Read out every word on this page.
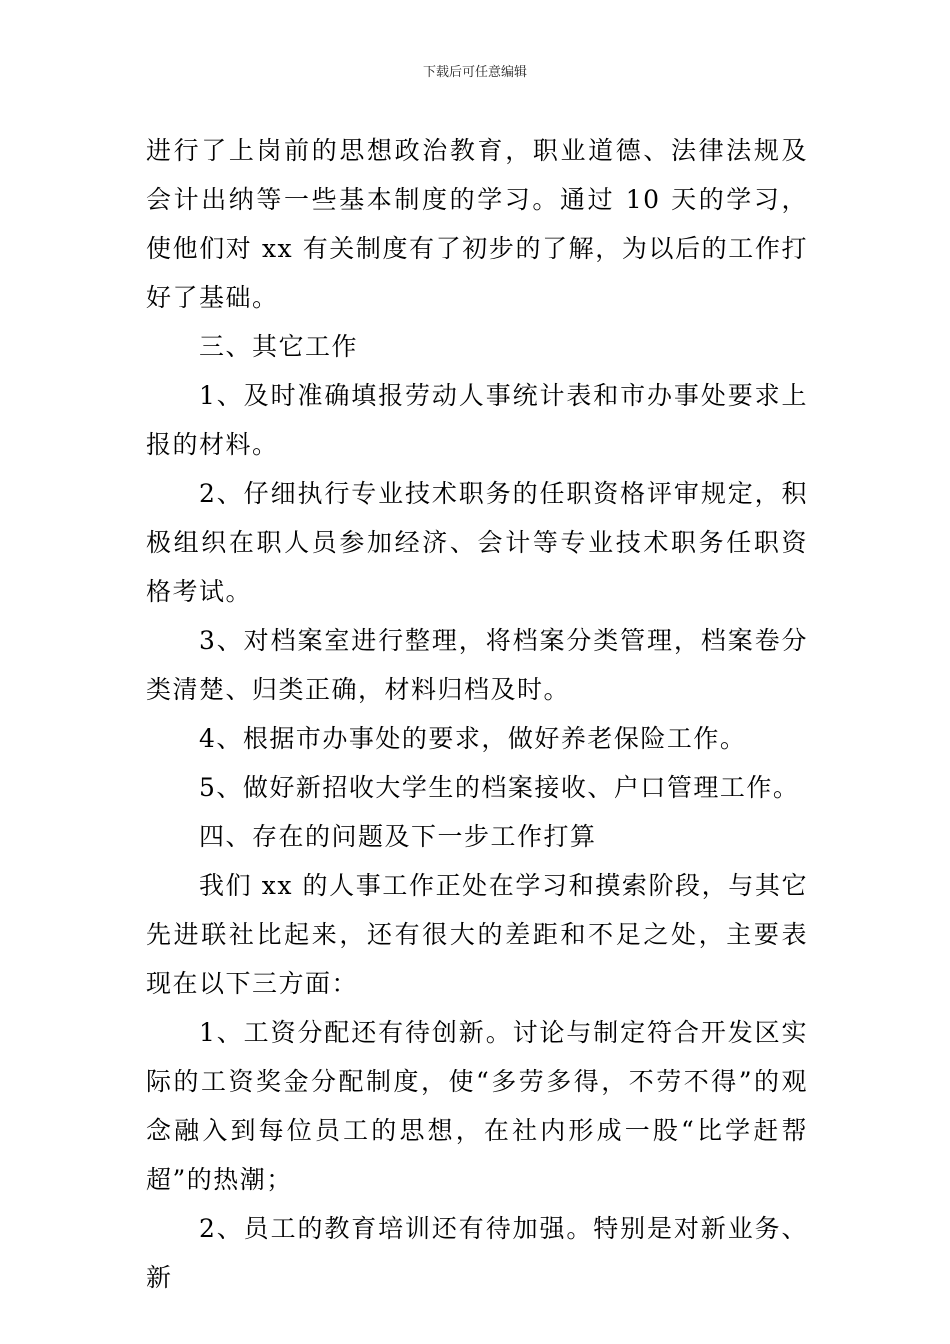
下载后可任意编辑

进行了上岗前的思想政治教育，职业道德、法律法规及会计出纳等一些基本制度的学习。通过 10 天的学习，使他们对 xx 有关制度有了初步的了解，为以后的工作打好了基础。

三、其它工作

1、及时准确填报劳动人事统计表和市办事处要求上报的材料。

2、仔细执行专业技术职务的任职资格评审规定，积极组织在职人员参加经济、会计等专业技术职务任职资格考试。

3、对档案室进行整理，将档案分类管理，档案卷分类清楚、归类正确，材料归档及时。

4、根据市办事处的要求，做好养老保险工作。

5、做好新招收大学生的档案接收、户口管理工作。

四、存在的问题及下一步工作打算

我们 xx 的人事工作正处在学习和摸索阶段，与其它先进联社比起来，还有很大的差距和不足之处，主要表现在以下三方面：

1、工资分配还有待创新。讨论与制定符合开发区实际的工资奖金分配制度，使“多劳多得，不劳不得”的观念融入到每位员工的思想，在社内形成一股“比学赶帮超”的热潮；

2、员工的教育培训还有待加强。特别是对新业务、新
